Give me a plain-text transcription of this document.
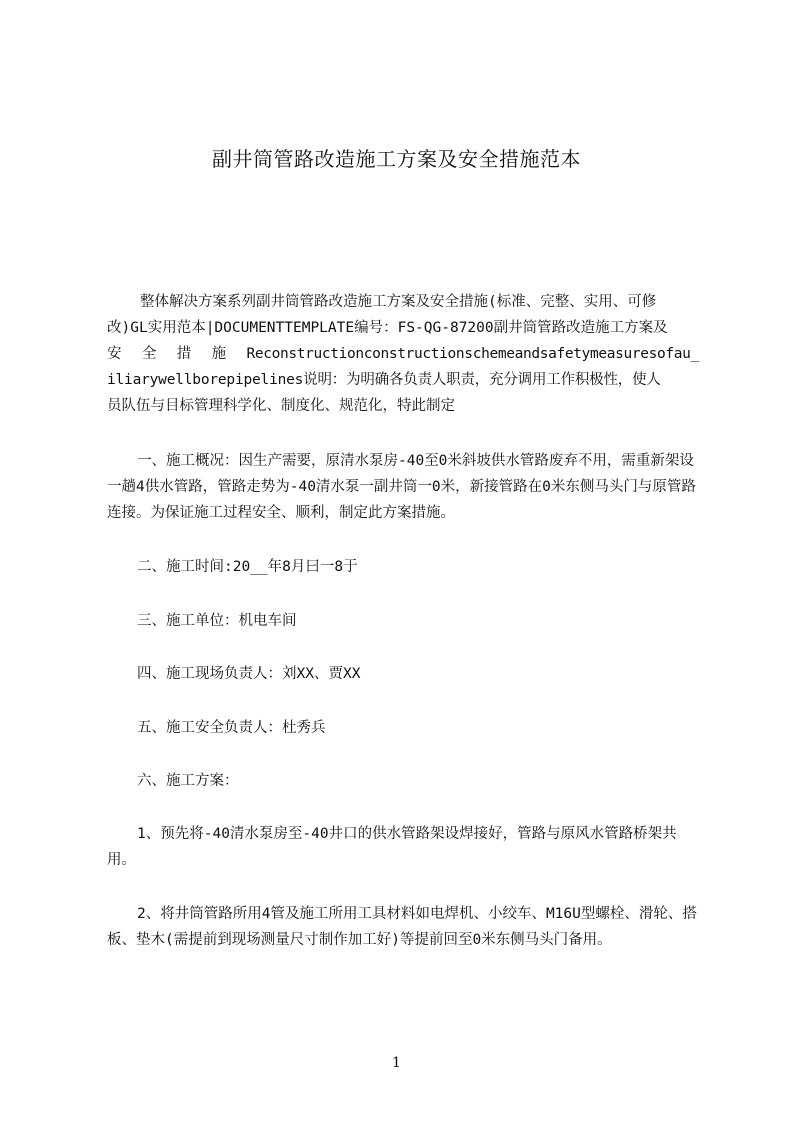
副井筒管路改造施工方案及安全措施范本
整体解决方案系列副井筒管路改造施工方案及安全措施(标准、完整、实用、可修
改)GL实用范本|DOCUMENTTEMPLATE编号：FS-QG-87200副井筒管路改造施工方案及
安 全 措 施 Reconstructionconstructionschemeandsafetymeasuresofau_
iliarywellborepipelines说明：为明确各负责人职责，充分调用工作积极性，使人
员队伍与目标管理科学化、制度化、规范化，特此制定
一、施工概况：因生产需要，原清水泵房-40至0米斜坡供水管路废弃不用，需重新架设一趟4供水管路，管路走势为-40清水泵一副井筒一0米，新接管路在0米东侧马头门与原管路连接。为保证施工过程安全、顺利，制定此方案措施。
二、施工时间:20__年8月曰一8于
三、施工单位：机电车间
四、施工现场负责人：刘XX、贾XX
五、施工安全负责人：杜秀兵
六、施工方案：
1、预先将-40清水泵房至-40井口的供水管路架设焊接好，管路与原风水管路桥架共用。
2、将井筒管路所用4管及施工所用工具材料如电焊机、小绞车、M16U型螺栓、滑轮、搭板、垫木(需提前到现场测量尺寸制作加工好)等提前回至0米东侧马头门备用。
1
